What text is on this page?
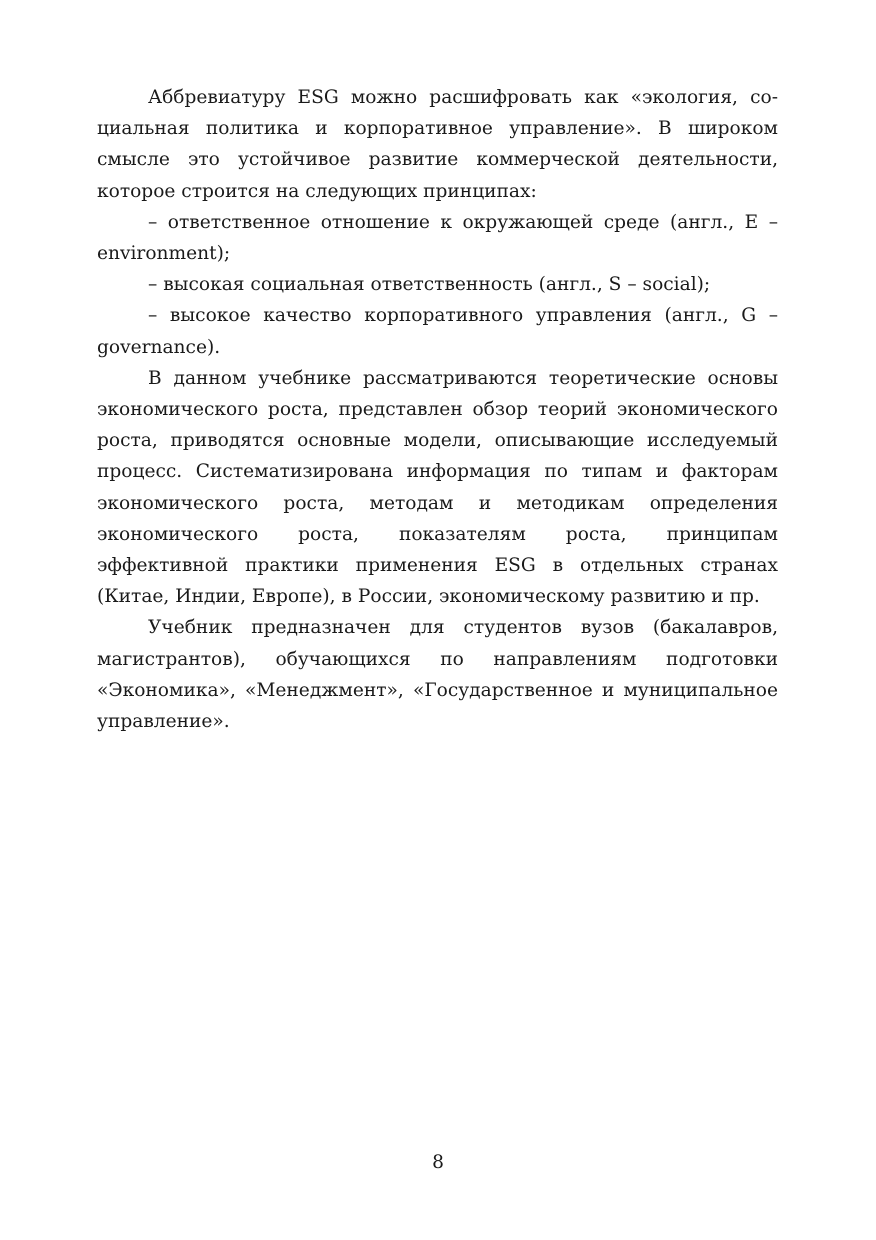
Аббревиатуру ESG можно расшифровать как «экология, социальная политика и корпоративное управление». В широком смысле это устойчивое развитие коммерческой деятельности, которое строится на следующих принципах:

– ответственное отношение к окружающей среде (англ., E – environment);

– высокая социальная ответственность (англ., S – social);

– высокое качество корпоративного управления (англ., G – governance).

В данном учебнике рассматриваются теоретические основы экономического роста, представлен обзор теорий экономического роста, приводятся основные модели, описывающие исследуемый процесс. Систематизирована информация по типам и факторам экономического роста, методам и методикам определения экономического роста, показателям роста, принципам эффективной практики применения ESG в отдельных странах (Китае, Индии, Европе), в России, экономическому развитию и пр.

Учебник предназначен для студентов вузов (бакалавров, магистрантов), обучающихся по направлениям подготовки «Экономика», «Менеджмент», «Государственное и муниципальное управление».

8
